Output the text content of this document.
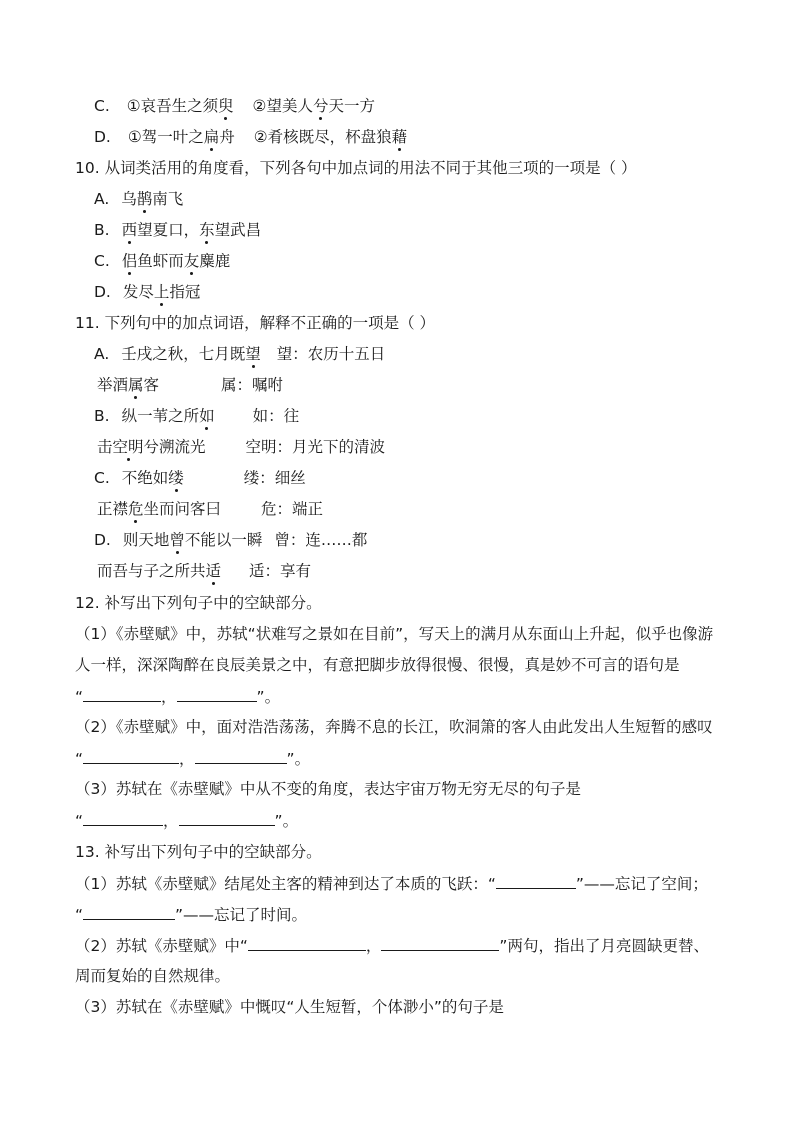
C. ①哀吾生之须臾 ②望美人兮天一方
D. ①驾一叶之扁舟 ②肴核既尽，杯盘狼藉
10. 从词类活用的角度看，下列各句中加点词的用法不同于其他三项的一项是（ ）
A. 乌鹊南飞
B. 西望夏口，东望武昌
C. 侣鱼虾而友麋鹿
D. 发尽上指冠
11. 下列句中的加点词语，解释不正确的一项是（ ）
A. 壬戌之秋，七月既望 望：农历十五日
举酒属客	属：嘱咐
B. 纵一苇之所如 如：往
击空明兮溯流光	空明：月光下的清波
C. 不绝如缕	缕：细丝
正襟危坐而问客曰	危：端正
D. 则天地曾不能以一瞬 曾：连……都
而吾与子之所共适 适：享有
12. 补写出下列句子中的空缺部分。
（1）《赤壁赋》中，苏轼“状难写之景如在目前”，写天上的满月从东面山上升起，似乎也像游
人一样，深深陶醉在良辰美景之中，有意把脚步放得很慢、很慢，真是妙不可言的语句是
“	，	”。
（2）《赤壁赋》中，面对浩浩荡荡，奔腾不息的长江，吹洞箫的客人由此发出人生短暂的感叹
“	，	”。
（3）苏轼在《赤壁赋》中从不变的角度，表达宇宙万物无穷无尽的句子是
“	，	”。
13. 补写出下列句子中的空缺部分。
（1）苏轼《赤壁赋》结尾处主客的精神到达了本质的飞跃：“	”——忘记了空间；
“	”——忘记了时间。
（2）苏轼《赤壁赋》中“	，	”两句，指出了月亮圆缺更替、
周而复始的自然规律。
（3）苏轼在《赤壁赋》中慨叹“人生短暂，个体渺小”的句子是
